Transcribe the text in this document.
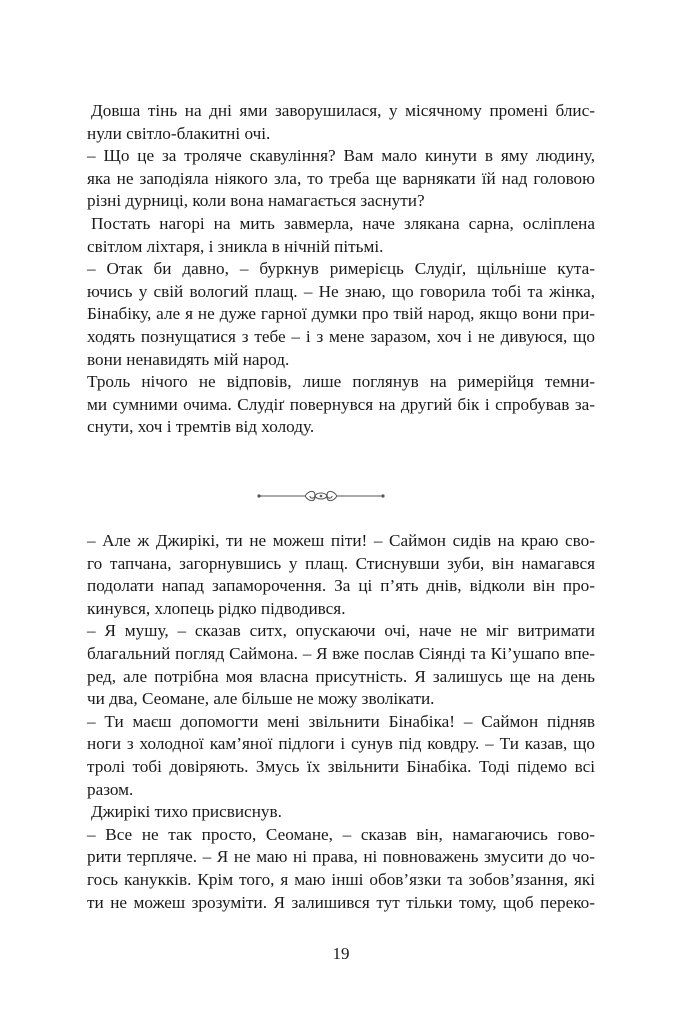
Довша тінь на дні ями заворушилася, у місячному промені блис-
нули світло-блакитні очі.
– Що це за троляче скавуління? Вам мало кинути в яму людину,
яка не заподіяла ніякого зла, то треба ще варнякати їй над головою
різні дурниці, коли вона намагається заснути?
Постать нагорі на мить завмерла, наче злякана сарна, осліплена
світлом ліхтаря, і зникла в нічній пітьмі.
– Отак би давно, – буркнув римерієць Слудіґ, щільніше кута-
ючись у свій вологий плащ. – Не знаю, що говорила тобі та жінка,
Бінабіку, але я не дуже гарної думки про твій народ, якщо вони при-
ходять познущатися з тебе – і з мене заразом, хоч і не дивуюся, що
вони ненавидять мій народ.
Троль нічого не відповів, лише поглянув на римерійця темни-
ми сумними очима. Слудіґ повернувся на другий бік і спробував за-
снути, хоч і тремтів від холоду.
– Але ж Джирікі, ти не можеш піти! – Саймон сидів на краю сво-
го тапчана, загорнувшись у плащ. Стиснувши зуби, він намагався
подолати напад запаморочення. За ці п’ять днів, відколи він про-
кинувся, хлопець рідко підводився.
– Я мушу, – сказав ситх, опускаючи очі, наче не міг витримати
благальний погляд Саймона. – Я вже послав Сіянді та Кі’ушапо впе-
ред, але потрібна моя власна присутність. Я залишусь ще на день
чи два, Сеомане, але більше не можу зволікати.
– Ти маєш допомогти мені звільнити Бінабіка! – Саймон підняв
ноги з холодної кам’яної підлоги і сунув під ковдру. – Ти казав, що
тролі тобі довіряють. Змусь їх звільнити Бінабіка. Тоді підемо всі
разом.
Джирікі тихо присвиснув.
– Все не так просто, Сеомане, – сказав він, намагаючись гово-
рити терпляче. – Я не маю ні права, ні повноважень змусити до чо-
гось канукків. Крім того, я маю інші обов’язки та зобов’язання, які
ти не можеш зрозуміти. Я залишився тут тільки тому, щоб переко-
19
